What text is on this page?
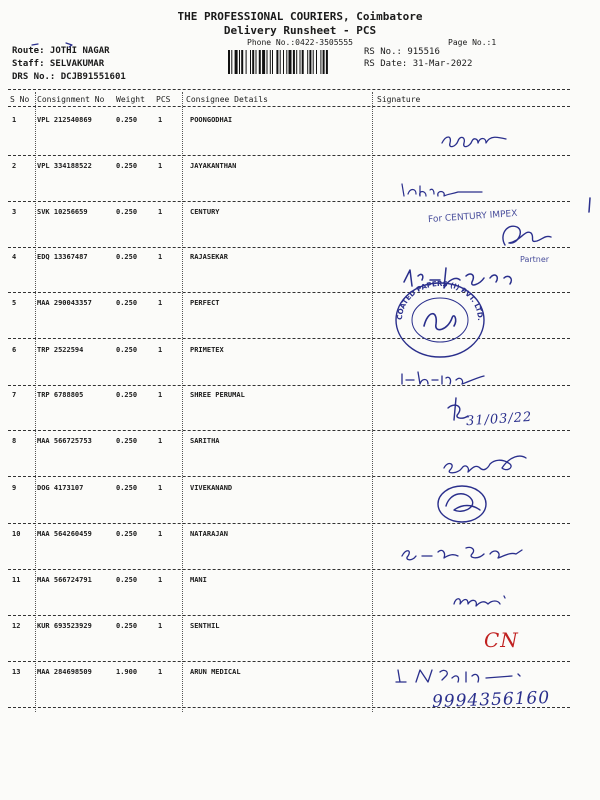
THE PROFESSIONAL COURIERS, Coimbatore
Delivery Runsheet - PCS
Phone No.:0422-3505555	Page No.:1
Route: JOTHI NAGAR
Staff: SELVAKUMAR
DRS No.: DCJB91551601
RS No.: 915516
RS Date: 31-Mar-2022
S No Consignment No Weight PCS Consignee Details	Signature
1	VPL 212540869	0.250	1	POONGODHAI
2	VPL 334188522	0.250	1	JAYAKANTHAN
3	SVK 10256659	0.250	1	CENTURY
4	EDQ 13367487	0.250	1	RAJASEKAR
5	MAA 290043357	0.250	1	PERFECT
6	TRP 2522594	0.250	1	PRIMETEX
7	TRP 6788805	0.250	1	SHREE PERUMAL
8	MAA 566725753	0.250	1	SARITHA
9	DOG 4173107	0.250	1	VIVEKANAND
10 MAA 564260459	0.250	1	NATARAJAN
11 MAA 566724791	0.250	1	MANI
12 KUR 693523929	0.250	1	SENTHIL
13 MAA 284698509	1.900	1	ARUN MEDICAL
For CENTURY IMPEX
Partner
COATED PAPERS (I) PVT. LTD.
31/03/22
CN
9994356160
